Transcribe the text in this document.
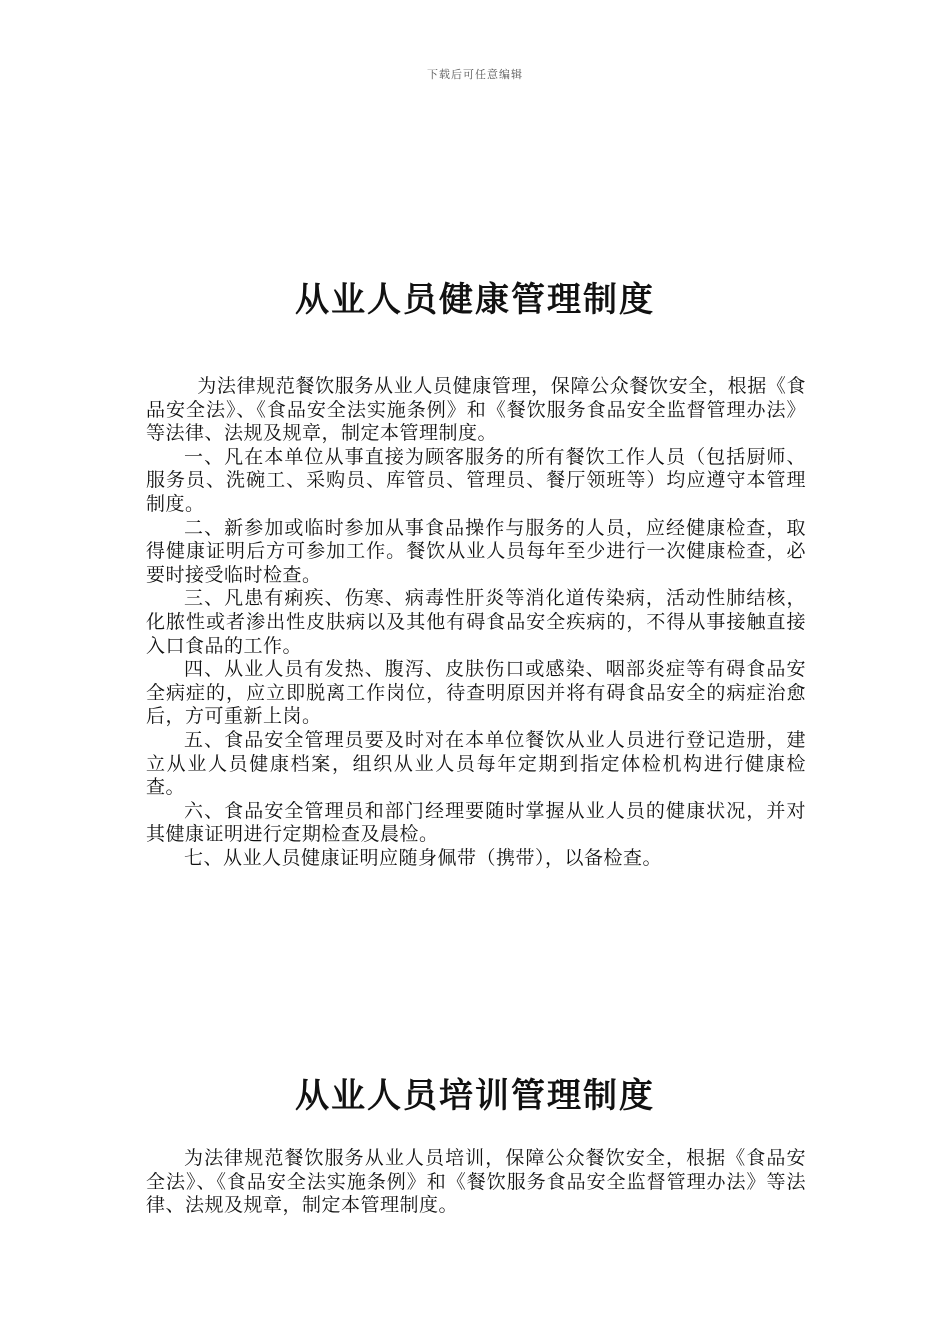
下载后可任意编辑
从业人员健康管理制度

为法律规范餐饮服务从业人员健康管理，保障公众餐饮安全，根据《食品安全法》、《食品安全法实施条例》和《餐饮服务食品安全监督管理办法》等法律、法规及规章，制定本管理制度。

一、凡在本单位从事直接为顾客服务的所有餐饮工作人员（包括厨师、服务员、洗碗工、采购员、库管员、管理员、餐厅领班等）均应遵守本管理制度。

二、新参加或临时参加从事食品操作与服务的人员，应经健康检查，取得健康证明后方可参加工作。餐饮从业人员每年至少进行一次健康检查，必要时接受临时检查。

三、凡患有痢疾、伤寒、病毒性肝炎等消化道传染病，活动性肺结核，化脓性或者渗出性皮肤病以及其他有碍食品安全疾病的，不得从事接触直接入口食品的工作。

四、从业人员有发热、腹泻、皮肤伤口或感染、咽部炎症等有碍食品安全病症的，应立即脱离工作岗位，待查明原因并将有碍食品安全的病症治愈后，方可重新上岗。

五、食品安全管理员要及时对在本单位餐饮从业人员进行登记造册，建立从业人员健康档案，组织从业人员每年定期到指定体检机构进行健康检查。

六、食品安全管理员和部门经理要随时掌握从业人员的健康状况，并对其健康证明进行定期检查及晨检。

七、从业人员健康证明应随身佩带（携带），以备检查。

从业人员培训管理制度

为法律规范餐饮服务从业人员培训，保障公众餐饮安全，根据《食品安全法》、《食品安全法实施条例》和《餐饮服务食品安全监督管理办法》等法律、法规及规章，制定本管理制度。
